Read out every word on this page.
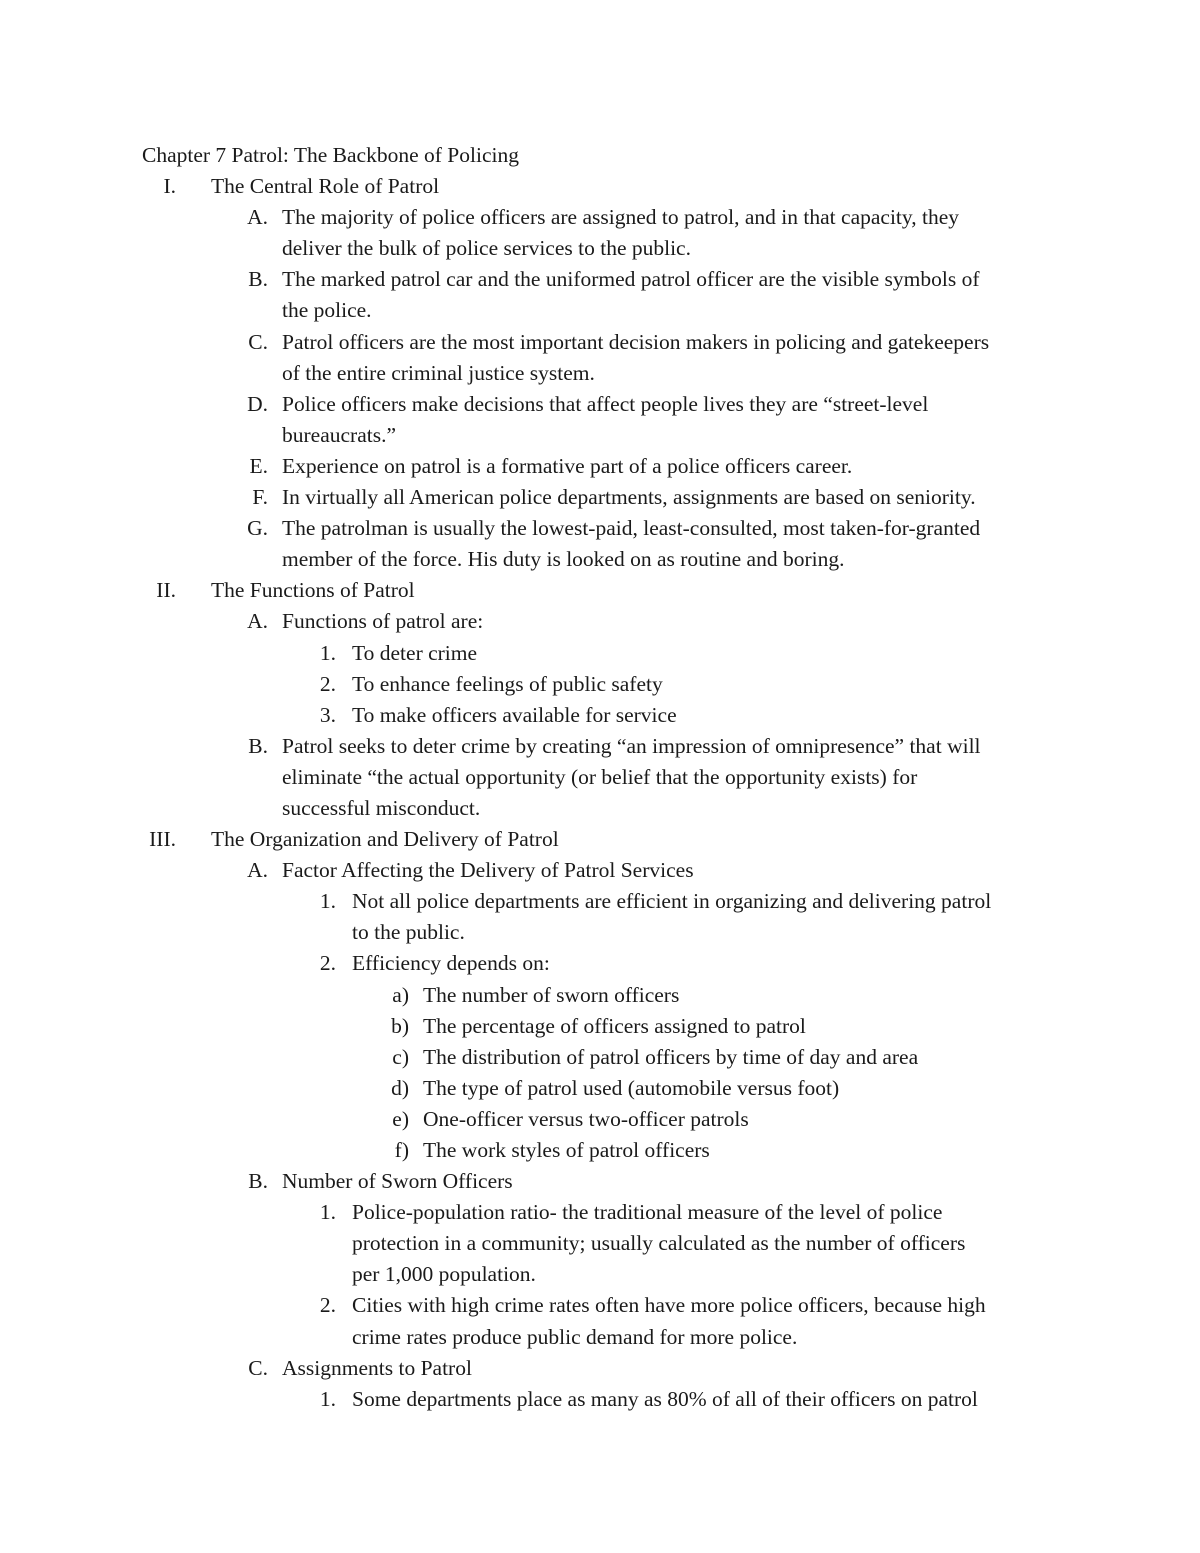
Chapter 7 Patrol: The Backbone of Policing
I. The Central Role of Patrol
A. The majority of police officers are assigned to patrol, and in that capacity, they
deliver the bulk of police services to the public.
B. The marked patrol car and the uniformed patrol officer are the visible symbols of
the police.
C. Patrol officers are the most important decision makers in policing and gatekeepers
of the entire criminal justice system.
D. Police officers make decisions that affect people lives they are “street-level
bureaucrats.”
E. Experience on patrol is a formative part of a police officers career.
F. In virtually all American police departments, assignments are based on seniority.
G. The patrolman is usually the lowest-paid, least-consulted, most taken-for-granted
member of the force. His duty is looked on as routine and boring.
II. The Functions of Patrol
A. Functions of patrol are:
1. To deter crime
2. To enhance feelings of public safety
3. To make officers available for service
B. Patrol seeks to deter crime by creating “an impression of omnipresence” that will
eliminate “the actual opportunity (or belief that the opportunity exists) for
successful misconduct.
III. The Organization and Delivery of Patrol
A. Factor Affecting the Delivery of Patrol Services
1. Not all police departments are efficient in organizing and delivering patrol
to the public.
2. Efficiency depends on:
a) The number of sworn officers
b) The percentage of officers assigned to patrol
c) The distribution of patrol officers by time of day and area
d) The type of patrol used (automobile versus foot)
e) One-officer versus two-officer patrols
f) The work styles of patrol officers
B. Number of Sworn Officers
1. Police-population ratio- the traditional measure of the level of police
protection in a community; usually calculated as the number of officers
per 1,000 population.
2. Cities with high crime rates often have more police officers, because high
crime rates produce public demand for more police.
C. Assignments to Patrol
1. Some departments place as many as 80% of all of their officers on patrol
